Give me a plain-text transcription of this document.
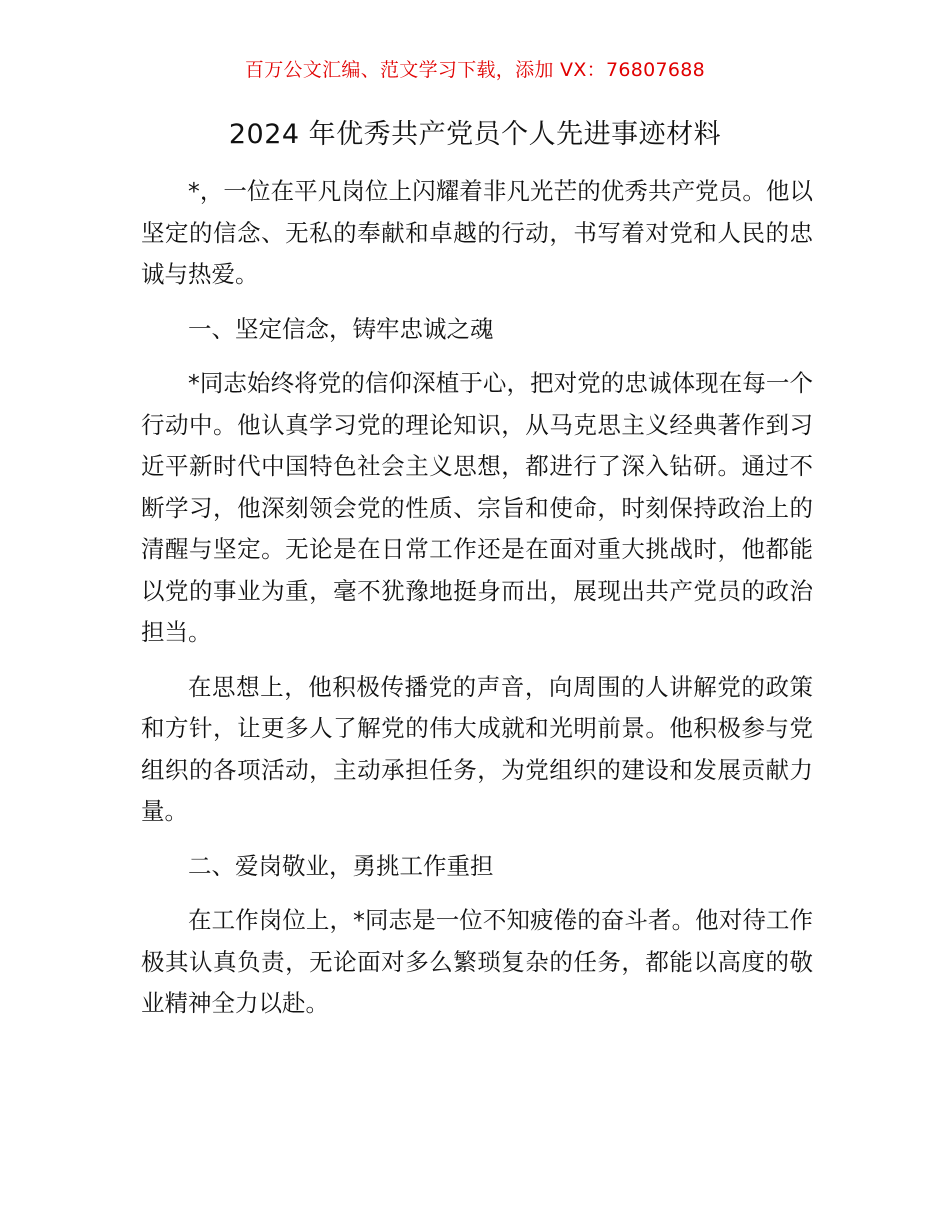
百万公文汇编、范文学习下载，添加 VX：76807688
2024 年优秀共产党员个人先进事迹材料

*，一位在平凡岗位上闪耀着非凡光芒的优秀共产党员。他以坚定的信念、无私的奉献和卓越的行动，书写着对党和人民的忠诚与热爱。

一、坚定信念，铸牢忠诚之魂

*同志始终将党的信仰深植于心，把对党的忠诚体现在每一个行动中。他认真学习党的理论知识，从马克思主义经典著作到习近平新时代中国特色社会主义思想，都进行了深入钻研。通过不断学习，他深刻领会党的性质、宗旨和使命，时刻保持政治上的清醒与坚定。无论是在日常工作还是在面对重大挑战时，他都能以党的事业为重，毫不犹豫地挺身而出，展现出共产党员的政治担当。

在思想上，他积极传播党的声音，向周围的人讲解党的政策和方针，让更多人了解党的伟大成就和光明前景。他积极参与党组织的各项活动，主动承担任务，为党组织的建设和发展贡献力量。

二、爱岗敬业，勇挑工作重担

在工作岗位上，*同志是一位不知疲倦的奋斗者。他对待工作极其认真负责，无论面对多么繁琐复杂的任务，都能以高度的敬业精神全力以赴。
